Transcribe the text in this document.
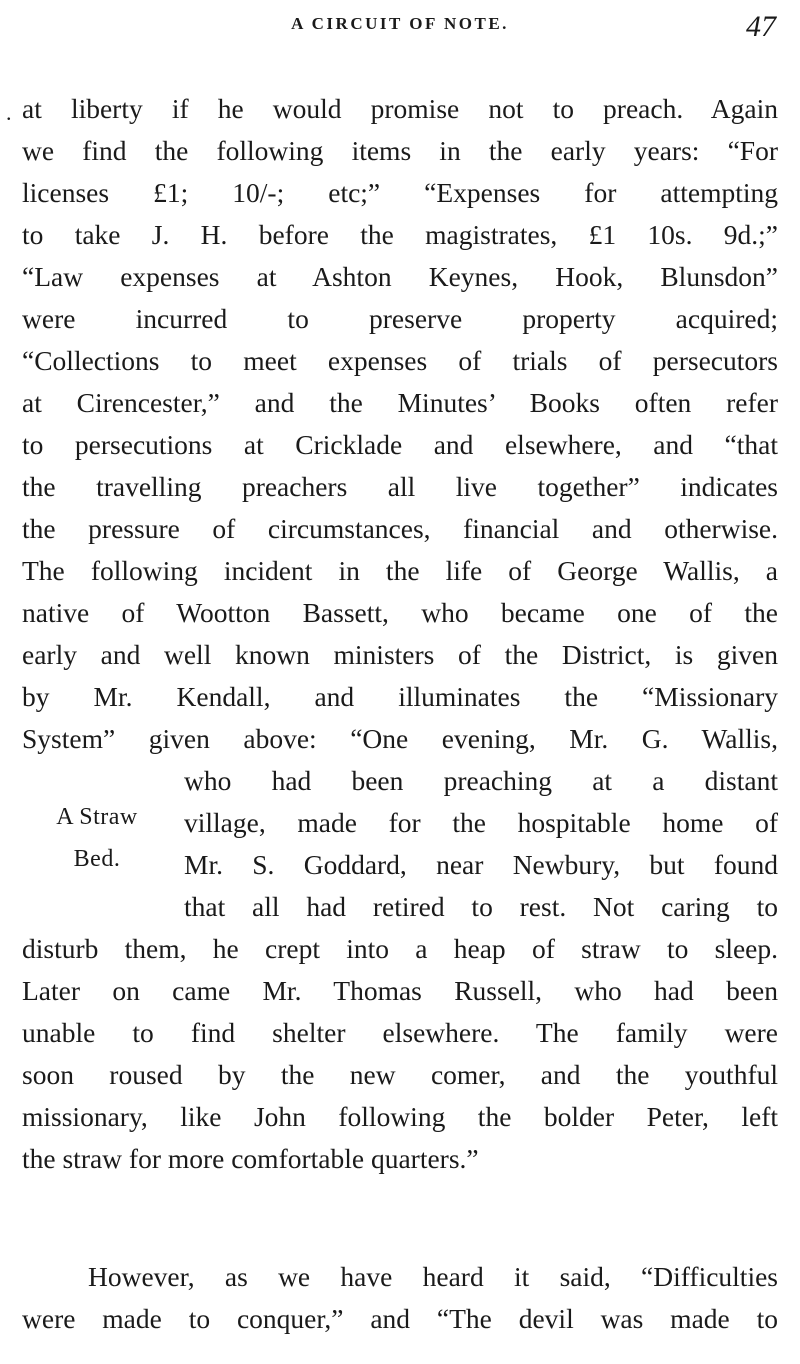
A CIRCUIT OF NOTE.	47
. at liberty if he would promise not to preach. Again
we find the following items in the early years: “For
licenses £1; 10/-; etc;” “Expenses for attempting
to take J. H. before the magistrates, £1 10s. 9d.;”
“Law expenses at Ashton Keynes, Hook, Blunsdon”
were incurred to preserve property acquired;
“Collections to meet expenses of trials of persecutors
at Cirencester,” and the Minutes’ Books often refer
to persecutions at Cricklade and elsewhere, and “that
the travelling preachers all live together” indicates
the pressure of circumstances, financial and otherwise.
The following incident in the life of George Wallis, a
native of Wootton Bassett, who became one of the
early and well known ministers of the District, is given
by Mr. Kendall, and illuminates the “Missionary
System” given above: “One evening, Mr. G. Wallis,
A Straw
Bed.
who had been preaching at a distant
village, made for the hospitable home of
Mr. S. Goddard, near Newbury, but found
that all had retired to rest. Not caring to
disturb them, he crept into a heap of straw to sleep.
Later on came Mr. Thomas Russell, who had been
unable to find shelter elsewhere. The family were
soon roused by the new comer, and the youthful
missionary, like John following the bolder Peter, left
the straw for more comfortable quarters.”
However, as we have heard it said, “Difficulties
were made to conquer,” and “The devil was made to
